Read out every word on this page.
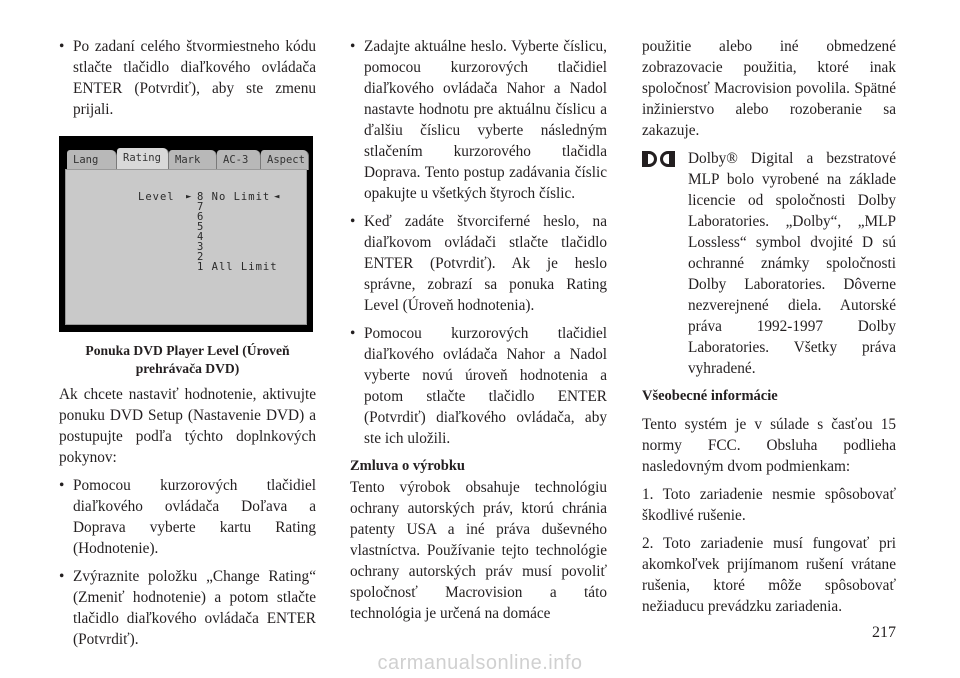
• Po zadaní celého štvormiestneho kódu stlačte tlačidlo diaľkového ovládača ENTER (Potvrdiť), aby ste zmenu prijali.
Lang	Rating	Mark	AC-3	Aspect
Level ►	◄
8 No Limit
7
6
5
4
3
2
1 All Limit
Ponuka DVD Player Level (Úroveň prehrávača DVD)

Ak chcete nastaviť hodnotenie, aktivujte ponuku DVD Setup (Nastavenie DVD) a postupujte podľa týchto doplnkových pokynov:

• Pomocou kurzorových tlačidiel diaľkového ovládača Doľava a Doprava vyberte kartu Rating (Hodnotenie).
• Zvýraznite položku „Change Rating“ (Zmeniť hodnotenie) a potom stlačte tlačidlo diaľkového ovládača ENTER (Potvrdiť).
• Zadajte aktuálne heslo. Vyberte číslicu, pomocou kurzorových tlačidiel diaľkového ovládača Nahor a Nadol nastavte hodnotu pre aktuálnu číslicu a ďalšiu číslicu vyberte následným stlačením kurzorového tlačidla Doprava. Tento postup zadávania číslic opakujte u všetkých štyroch číslic.
• Keď zadáte štvorciferné heslo, na diaľkovom ovládači stlačte tlačidlo ENTER (Potvrdiť). Ak je heslo správne, zobrazí sa ponuka Rating Level (Úroveň hodnotenia).
• Pomocou kurzorových tlačidiel diaľkového ovládača Nahor a Nadol vyberte novú úroveň hodnotenia a potom stlačte tlačidlo ENTER (Potvrdiť) diaľkového ovládača, aby ste ich uložili.
Zmluva o výrobku

Tento výrobok obsahuje technológiu ochrany autorských práv, ktorú chránia patenty USA a iné práva duševného vlastníctva. Používanie tejto technológie ochrany autorských práv musí povoliť spoločnosť Macrovision a táto technológia je určená na domáce

použitie alebo iné obmedzené zobrazovacie použitia, ktoré inak spoločnosť Macrovision povolila. Spätné inžinierstvo alebo rozoberanie sa zakazuje.

Dolby® Digital a bezstratové MLP bolo vyrobené na základe licencie od spoločnosti Dolby Laboratories. „Dolby“, „MLP Lossless“ symbol dvojité D sú ochranné známky spoločnosti Dolby Laboratories. Dôverne nezverejnené diela. Autorské práva 1992-1997 Dolby Laboratories. Všetky práva vyhradené.

Všeobecné informácie

Tento systém je v súlade s časťou 15 normy FCC. Obsluha podlieha nasledovným dvom podmienkam:

1. Toto zariadenie nesmie spôsobovať škodlivé rušenie.

2. Toto zariadenie musí fungovať pri akomkoľvek prijímanom rušení vrátane rušenia, ktoré môže spôsobovať nežiaducu prevádzku zariadenia.

217
carmanualsonline.info
